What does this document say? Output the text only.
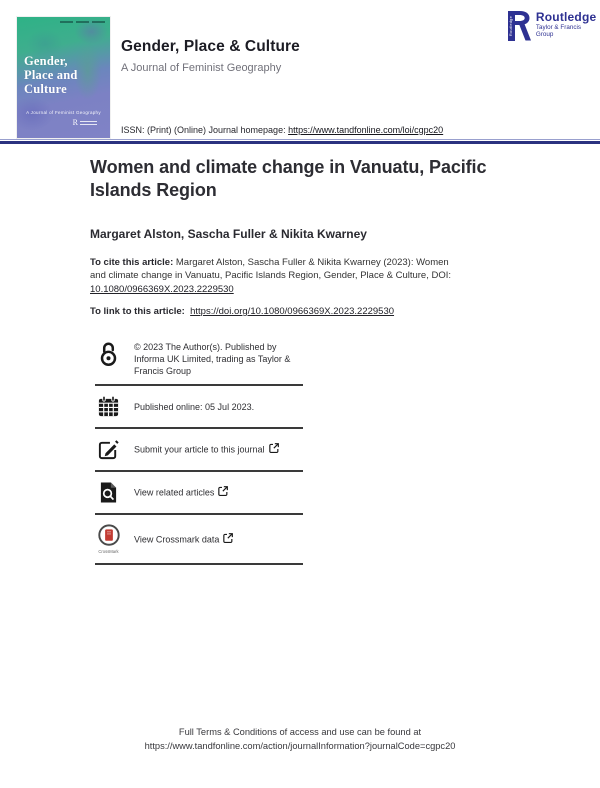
Gender,
Place and
Culture
A Journal of Feminist Geography
R
Gender, Place & Culture
A Journal of Feminist Geography
Routledge Routledge
Taylor & Francis Group
ISSN: (Print) (Online) Journal homepage: https://www.tandfonline.com/loi/cgpc20
Women and climate change in Vanuatu, Pacific Islands Region
Margaret Alston, Sascha Fuller & Nikita Kwarney
To cite this article: Margaret Alston, Sascha Fuller & Nikita Kwarney (2023): Women and climate change in Vanuatu, Pacific Islands Region, Gender, Place & Culture, DOI: 10.1080/0966369X.2023.2229530
To link to this article: https://doi.org/10.1080/0966369X.2023.2229530
© 2023 The Author(s). Published by Informa UK Limited, trading as Taylor & Francis Group
Published online: 05 Jul 2023.
Submit your article to this journal
View related articles
CrossMark
View Crossmark data
Full Terms & Conditions of access and use can be found at
https://www.tandfonline.com/action/journalInformation?journalCode=cgpc20
